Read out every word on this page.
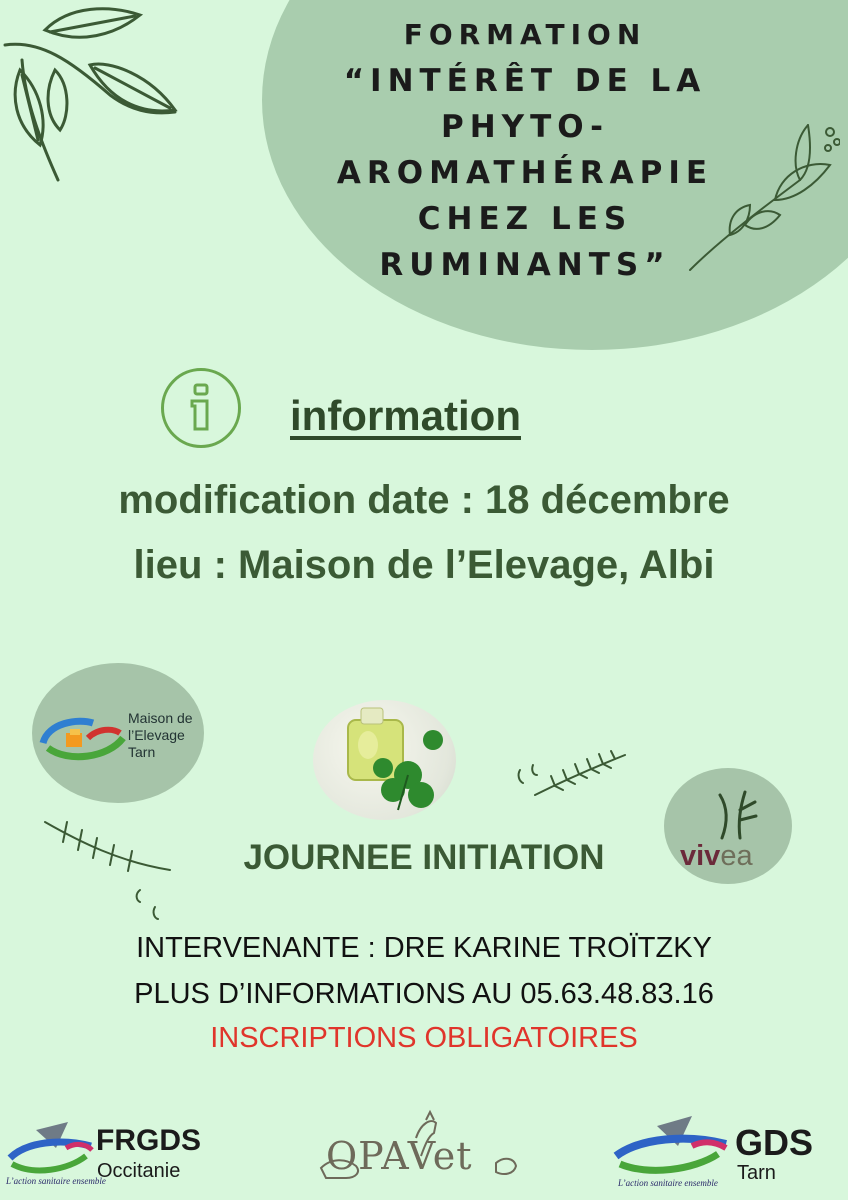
FORMATION
“INTÉRÊT DE LA PHYTO-AROMATHÉRAPIE CHEZ LES RUMINANTS”
information
modification date : 18 décembre
lieu : Maison de l’Elevage, Albi
Maison de
l’Elevage
Tarn
vivea
JOURNEE INITIATION
INTERVENANTE : DRE KARINE TROÏTZKY
PLUS D’INFORMATIONS AU 05.63.48.83.16
INSCRIPTIONS OBLIGATOIRES
FRGDS
Occitanie
L’action sanitaire ensemble
OPAVet	GDS
Tarn
L’action sanitaire ensemble
